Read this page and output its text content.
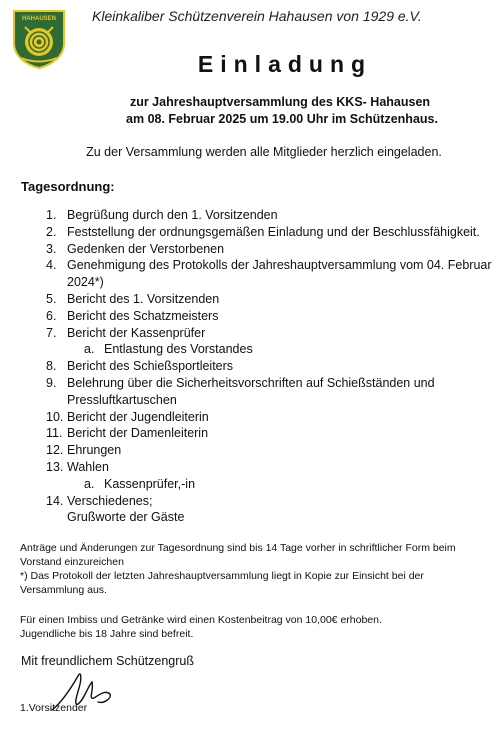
HAHAUSEN	Kleinkaliber Schützenverein Hahausen von 1929 e.V.
Einladung
zur Jahreshauptversammlung des KKS- Hahausen
am 08. Februar 2025 um 19.00 Uhr im Schützenhaus.
Zu der Versammlung werden alle Mitglieder herzlich eingeladen.
Tagesordnung:
1. Begrüßung durch den 1. Vorsitzenden
2. Feststellung der ordnungsgemäßen Einladung und der Beschlussfähigkeit.
3. Gedenken der Verstorbenen
4. Genehmigung des Protokolls der Jahreshauptversammlung vom 04. Februar
2024*)
5. Bericht des 1. Vorsitzenden
6. Bericht des Schatzmeisters
7. Bericht der Kassenprüfer
a. Entlastung des Vorstandes
8. Bericht des Schießsportleiters
9. Belehrung über die Sicherheitsvorschriften auf Schießständen und
Pressluftkartuschen
10. Bericht der Jugendleiterin
11. Bericht der Damenleiterin
12. Ehrungen
13. Wahlen
a. Kassenprüfer,-in
14. Verschiedenes;
Grußworte der Gäste
Anträge und Änderungen zur Tagesordnung sind bis 14 Tage vorher in schriftlicher Form beim
Vorstand einzureichen
*) Das Protokoll der letzten Jahreshauptversammlung liegt in Kopie zur Einsicht bei der
Versammlung aus.
Für einen Imbiss und Getränke wird einen Kostenbeitrag von 10,00€ erhoben.
Jugendliche bis 18 Jahre sind befreit.
Mit freundlichem Schützengruß
1.Vorsitzender
